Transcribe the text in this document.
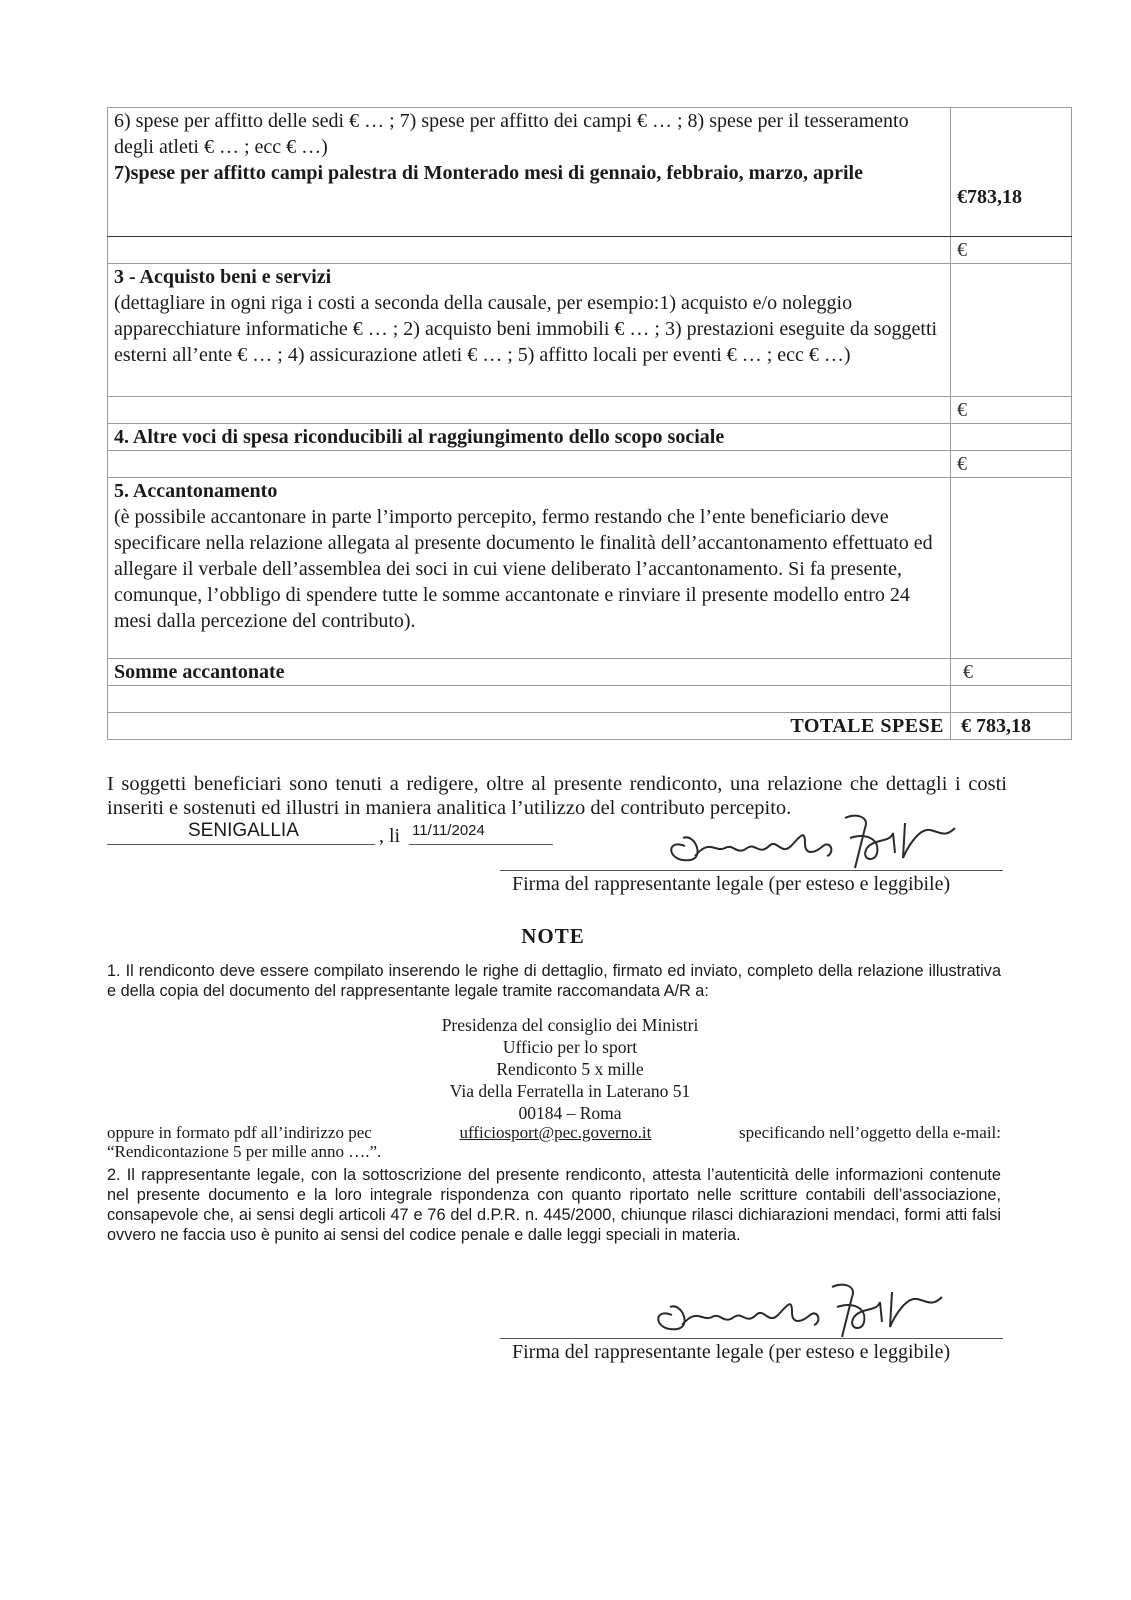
6) spese per affitto delle sedi € … ; 7) spese per affitto dei campi € … ; 8) spese per il tesseramento degli atleti € … ; ecc € …)
7)spese per affitto campi palestra di Monterado mesi di gennaio, febbraio, marzo, aprile	€783,18
	€

3 - Acquisto beni e servizi
(dettagliare in ogni riga i costi a seconda della causale, per esempio:1) acquisto e/o noleggio apparecchiature informatiche € … ; 2) acquisto beni immobili € … ; 3) prestazioni eseguite da soggetti esterni all’ente € … ; 4) assicurazione atleti € … ; 5) affitto locali per eventi € … ; ecc € …)	

	€
4. Altre voci di spesa riconducibili al raggiungimento dello scopo sociale	
	€

5. Accantonamento
(è possibile accantonare in parte l’importo percepito, fermo restando che l’ente beneficiario deve specificare nella relazione allegata al presente documento le finalità dell’accantonamento effettuato ed allegare il verbale dell’assemblea dei soci in cui viene deliberato l’accantonamento. Si fa presente, comunque, l’obbligo di spendere tutte le somme accantonate e rinviare il presente modello entro 24 mesi dalla percezione del contributo).	

Somme accantonate	€

TOTALE SPESE	€ 783,18
I soggetti beneficiari sono tenuti a redigere, oltre al presente rendiconto, una relazione che dettagli i costi inseriti e sostenuti ed illustri in maniera analitica l’utilizzo del contributo percepito.
SENIGALLIA	, li 11/11/2024
Firma del rappresentante legale (per esteso e leggibile)
NOTE
1. Il rendiconto deve essere compilato inserendo le righe di dettaglio, firmato ed inviato, completo della relazione illustrativa e della copia del documento del rappresentante legale tramite raccomandata A/R a:
Presidenza del consiglio dei Ministri
Ufficio per lo sport
Rendiconto 5 x mille
Via della Ferratella in Laterano 51
00184 – Roma
oppure in formato pdf all’indirizzo pec	ufficiosport@pec.governo.it	specificando nell’oggetto della e-mail:
“Rendicontazione 5 per mille anno ….”.
2. Il rappresentante legale, con la sottoscrizione del presente rendiconto, attesta l’autenticità delle informazioni contenute nel presente documento e la loro integrale rispondenza con quanto riportato nelle scritture contabili dell’associazione, consapevole che, ai sensi degli articoli 47 e 76 del d.P.R. n. 445/2000, chiunque rilasci dichiarazioni mendaci, formi atti falsi ovvero ne faccia uso è punito ai sensi del codice penale e dalle leggi speciali in materia.
Firma del rappresentante legale (per esteso e leggibile)
